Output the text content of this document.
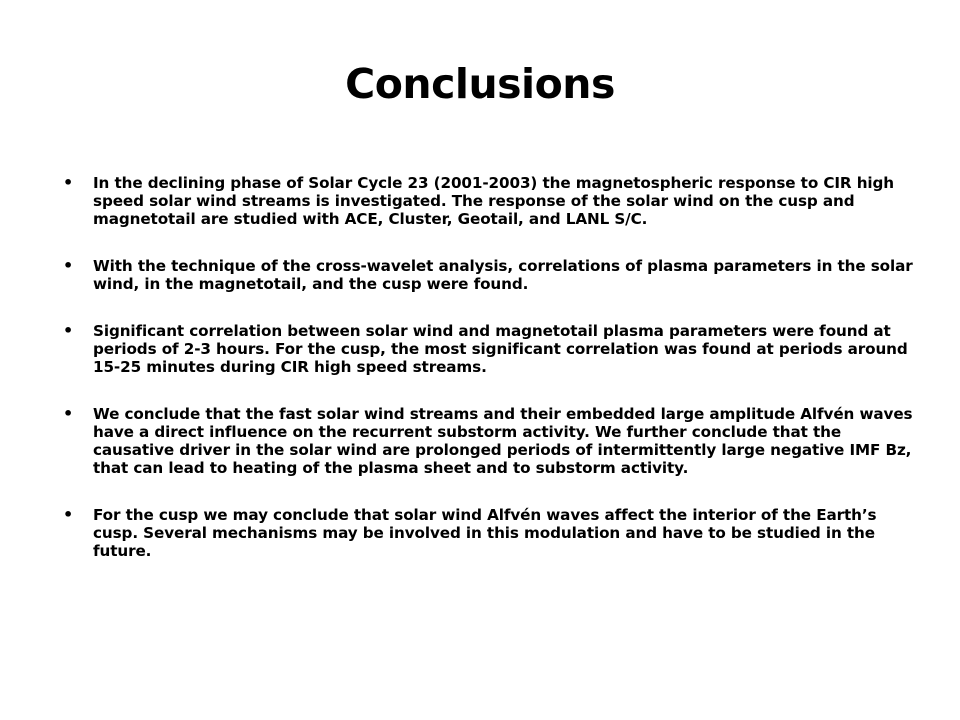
Conclusions
• In the declining phase of Solar Cycle 23 (2001-2003) the magnetospheric response to CIR high speed solar wind streams is investigated. The response of the solar wind on the cusp and magnetotail are studied with ACE, Cluster, Geotail, and LANL S/C.
• With the technique of the cross-wavelet analysis, correlations of plasma parameters in the solar wind, in the magnetotail, and the cusp were found.
• Significant correlation between solar wind and magnetotail plasma parameters were found at periods of 2-3 hours. For the cusp, the most significant correlation was found at periods around 15-25 minutes during CIR high speed streams.
• We conclude that the fast solar wind streams and their embedded large amplitude Alfvén waves have a direct influence on the recurrent substorm activity. We further conclude that the causative driver in the solar wind are prolonged periods of intermittently large negative IMF Bz, that can lead to heating of the plasma sheet and to substorm activity.
• For the cusp we may conclude that solar wind Alfvén waves affect the interior of the Earth’s cusp. Several mechanisms may be involved in this modulation and have to be studied in the future.
